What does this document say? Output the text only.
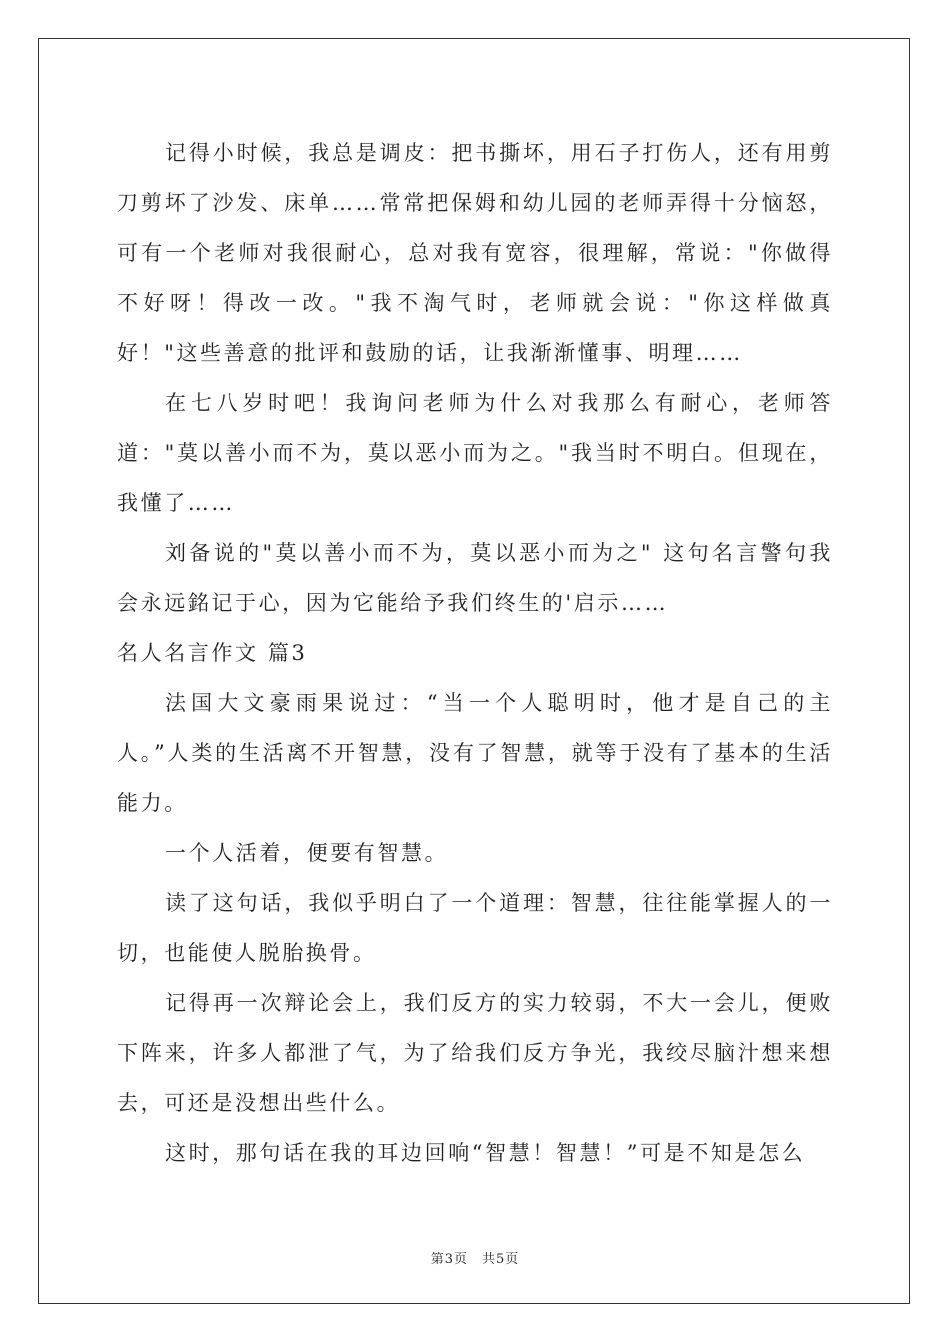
记得小时候，我总是调皮：把书撕坏，用石子打伤人，还有用剪刀剪坏了沙发、床单……常常把保姆和幼儿园的老师弄得十分恼怒，可有一个老师对我很耐心，总对我有宽容，很理解，常说："你做得不好呀！得改一改。"我不淘气时，老师就会说："你这样做真好！"这些善意的批评和鼓励的话，让我渐渐懂事、明理……

在七八岁时吧！我询问老师为什么对我那么有耐心，老师答道："莫以善小而不为，莫以恶小而为之。"我当时不明白。但现在，我懂了……

刘备说的"莫以善小而不为，莫以恶小而为之" 这句名言警句我会永远銘记于心，因为它能给予我们终生的'启示……

名人名言作文 篇3

法国大文豪雨果说过：“当一个人聪明时，他才是自己的主人。”人类的生活离不开智慧，没有了智慧，就等于没有了基本的生活能力。

一个人活着，便要有智慧。

读了这句话，我似乎明白了一个道理：智慧，往往能掌握人的一切，也能使人脱胎换骨。

记得再一次辩论会上，我们反方的实力较弱，不大一会儿，便败下阵来，许多人都泄了气，为了给我们反方争光，我绞尽脑汁想来想去，可还是没想出些什么。

这时，那句话在我的耳边回响“智慧！智慧！”可是不知是怎么

第3页　共5页
